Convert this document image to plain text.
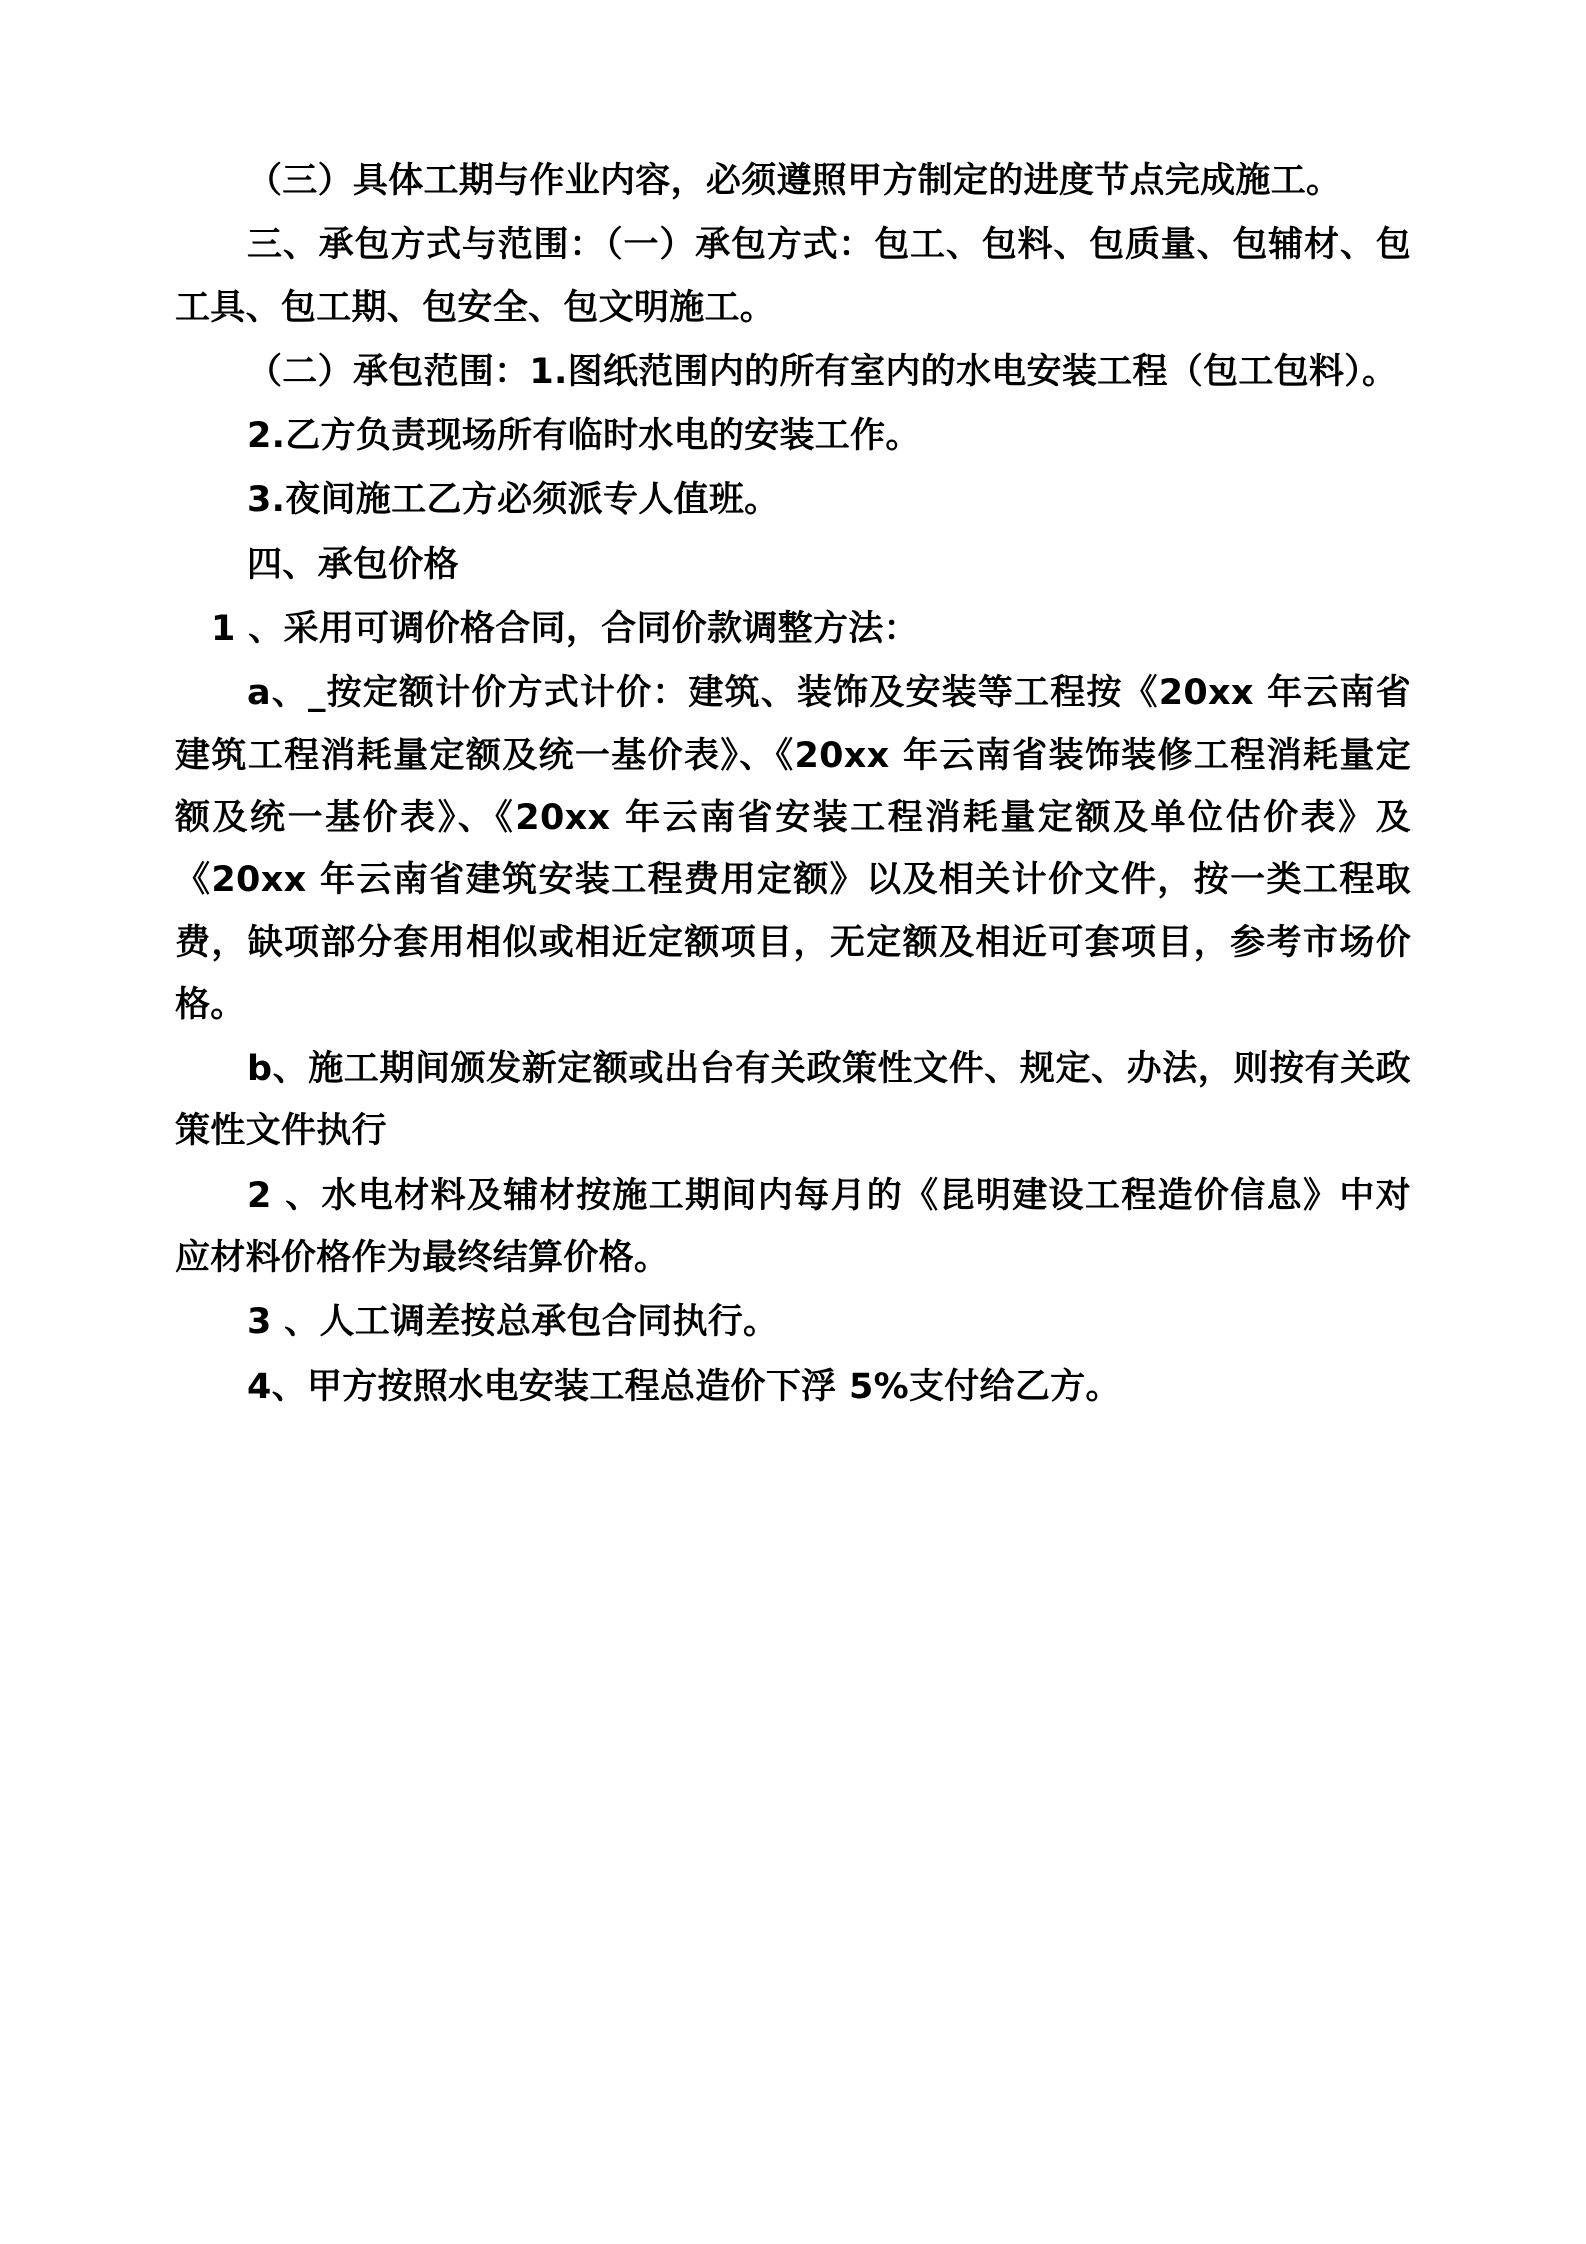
（三）具体工期与作业内容，必须遵照甲方制定的进度节点完成施工。

三、承包方式与范围：（一）承包方式：包工、包料、包质量、包辅材、包工具、包工期、包安全、包文明施工。

（二）承包范围：1.图纸范围内的所有室内的水电安装工程（包工包料）。

2.乙方负责现场所有临时水电的安装工作。

3.夜间施工乙方必须派专人值班。

四、承包价格

1 、采用可调价格合同，合同价款调整方法：

a、_按定额计价方式计价：建筑、装饰及安装等工程按《20xx 年云南省建筑工程消耗量定额及统一基价表》、《20xx 年云南省装饰装修工程消耗量定额及统一基价表》、《20xx 年云南省安装工程消耗量定额及单位估价表》及《20xx 年云南省建筑安装工程费用定额》以及相关计价文件，按一类工程取费，缺项部分套用相似或相近定额项目，无定额及相近可套项目，参考市场价格。

b、施工期间颁发新定额或出台有关政策性文件、规定、办法，则按有关政策性文件执行

2 、水电材料及辅材按施工期间内每月的《昆明建设工程造价信息》中对应材料价格作为最终结算价格。

3 、人工调差按总承包合同执行。

4、甲方按照水电安装工程总造价下浮 5%支付给乙方。
